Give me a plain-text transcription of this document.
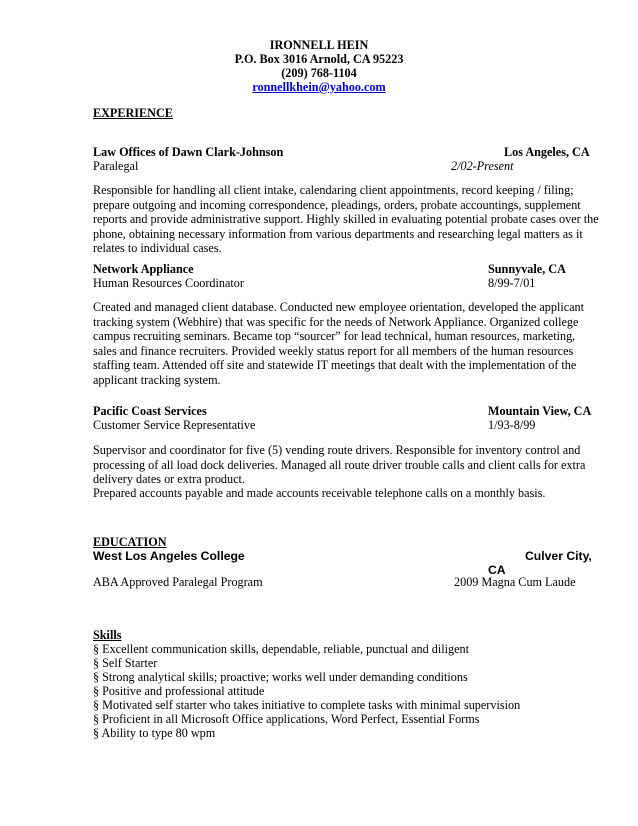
IRONNELL HEIN
P.O. Box 3016 Arnold, CA 95223
(209) 768-1104
ronnellkhein@yahoo.com
EXPERIENCE
Law Offices of Dawn Clark-Johnson	Los Angeles, CA
Paralegal	2/02-Present
Responsible for handling all client intake, calendaring client appointments, record keeping / filing; prepare outgoing and incoming correspondence, pleadings, orders, probate accountings, supplement reports and provide administrative support. Highly skilled in evaluating potential probate cases over the phone, obtaining necessary information from various departments and researching legal matters as it relates to individual cases.
Network Appliance	Sunnyvale, CA
Human Resources Coordinator	8/99-7/01
Created and managed client database. Conducted new employee orientation, developed the applicant tracking system (Webhire) that was specific for the needs of Network Appliance. Organized college campus recruiting seminars. Became top “sourcer” for lead technical, human resources, marketing, sales and finance recruiters. Provided weekly status report for all members of the human resources staffing team. Attended off site and statewide IT meetings that dealt with the implementation of the applicant tracking system.
Pacific Coast Services	Mountain View, CA
Customer Service Representative	1/93-8/99
Supervisor and coordinator for five (5) vending route drivers. Responsible for inventory control and processing of all load dock deliveries. Managed all route driver trouble calls and client calls for extra delivery dates or extra product.
Prepared accounts payable and made accounts receivable telephone calls on a monthly basis.
EDUCATION
West Los Angeles College	Culver City,
CA
ABA Approved Paralegal Program	2009 Magna Cum Laude
Skills
§ Excellent communication skills, dependable, reliable, punctual and diligent
§ Self Starter
§ Strong analytical skills; proactive; works well under demanding conditions
§ Positive and professional attitude
§ Motivated self starter who takes initiative to complete tasks with minimal supervision
§ Proficient in all Microsoft Office applications, Word Perfect, Essential Forms
§ Ability to type 80 wpm
